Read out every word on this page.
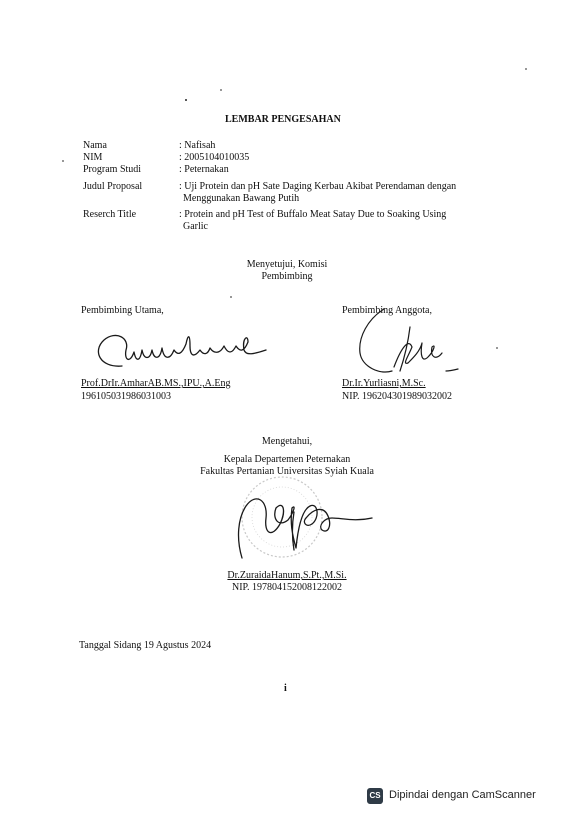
LEMBAR PENGESAHAN
Nama	: Nafisah
NIM	: 2005104010035
Program Studi	: Peternakan
Judul Proposal	: Uji Protein dan pH Sate Daging Kerbau Akibat Perendaman dengan
Menggunakan Bawang Putih
Reserch Title	: Protein and pH Test of Buffalo Meat Satay Due to Soaking Using
Garlic
Menyetujui, Komisi
Pembimbing
Pembimbing Utama,
Prof.DrIr.AmharAB.MS.,IPU.,A.Eng
196105031986031003
Pembimbing Anggota,
Dr.Ir.Yurliasni,M.Sc.
NIP. 196204301989032002
Mengetahui,
Kepala Departemen Peternakan
Fakultas Pertanian Universitas Syiah Kuala
Dr.ZuraidaHanum,S.Pt.,M.Si.
NIP. 197804152008122002
Tanggal Sidang 19 Agustus 2024
i
CS Dipindai dengan CamScanner
